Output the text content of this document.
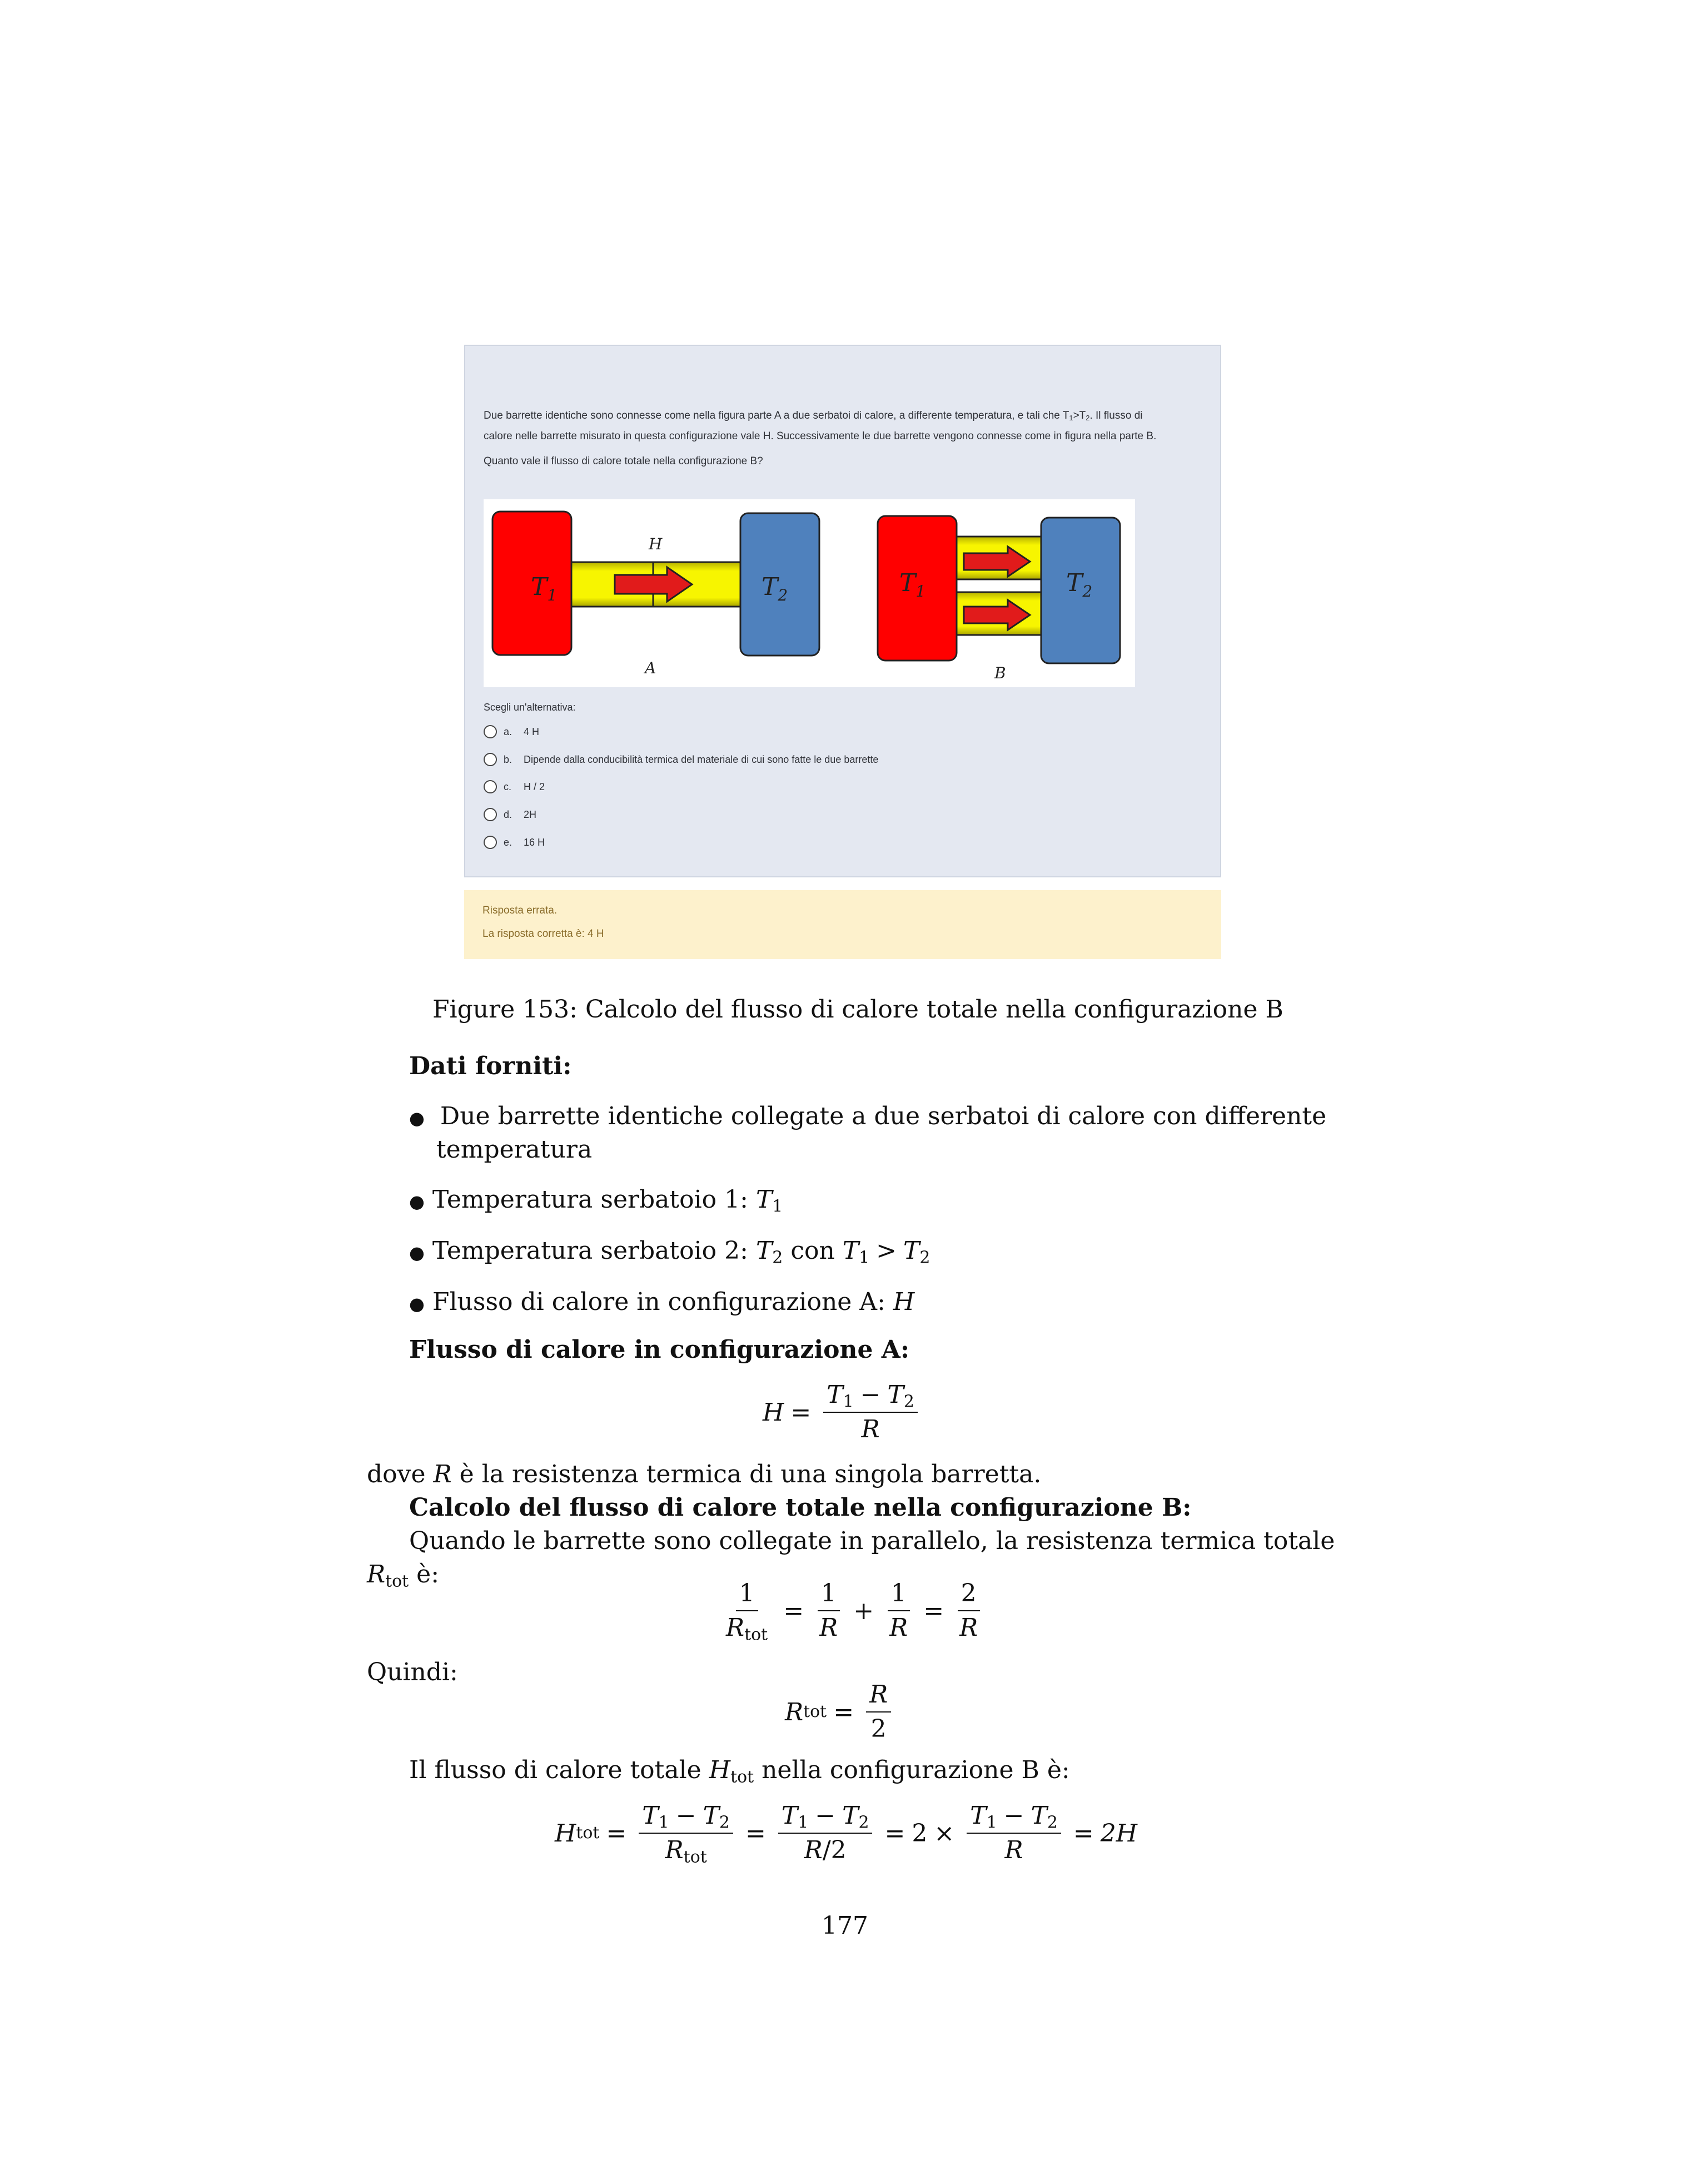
Due barrette identiche sono connesse come nella figura parte A a due serbatoi di calore, a differente temperatura, e tali che $T_1>T_2$. Il flusso di

calore nelle barrette misurato in questa configurazione vale H. Successivamente le due barrette vengono connesse come in figura nella parte B.

Quanto vale il flusso di calore totale nella configurazione B?

$T_1$	$T_2$
H
A
$T_1$	$T_2$
B
Scegli un'alternativa:
a.	4 H
b.	Dipende dalla conducibilità termica del materiale di cui sono fatte le due barrette
c.	H / 2
d.	2H
e.	16 H
Risposta errata.
La risposta corretta è: 4 H
Figure 153: Calcolo del flusso di calore totale nella configurazione B
Dati forniti:
● Due barrette identiche collegate a due serbatoi di calore con differente
temperatura
● Temperatura serbatoio 1: $T_1$
● Temperatura serbatoio 2: $T_2$ con $T_1 > T_2$
● Flusso di calore in configurazione A: H
Flusso di calore in configurazione A:
$H = \frac{T_1 - T_2}{R}$
dove R è la resistenza termica di una singola barretta.
Calcolo del flusso di calore totale nella configurazione B:
Quando le barrette sono collegate in parallelo, la resistenza termica totale
$R_{tot}$ è:
$\frac{1}{R_{tot}} = \frac{1}{R} + \frac{1}{R} = \frac{2}{R}$
Quindi:
R tot = $\frac{R}{2}$
Il flusso di calore totale $H_{tot}$ nella configurazione B è:
H tot = $\frac{T_1 - T_2}{R_{tot}} = \frac{T_1 - T_2}{R/2} = 2 \times \frac{T_1 - T_2}{R} = 2H$
177
